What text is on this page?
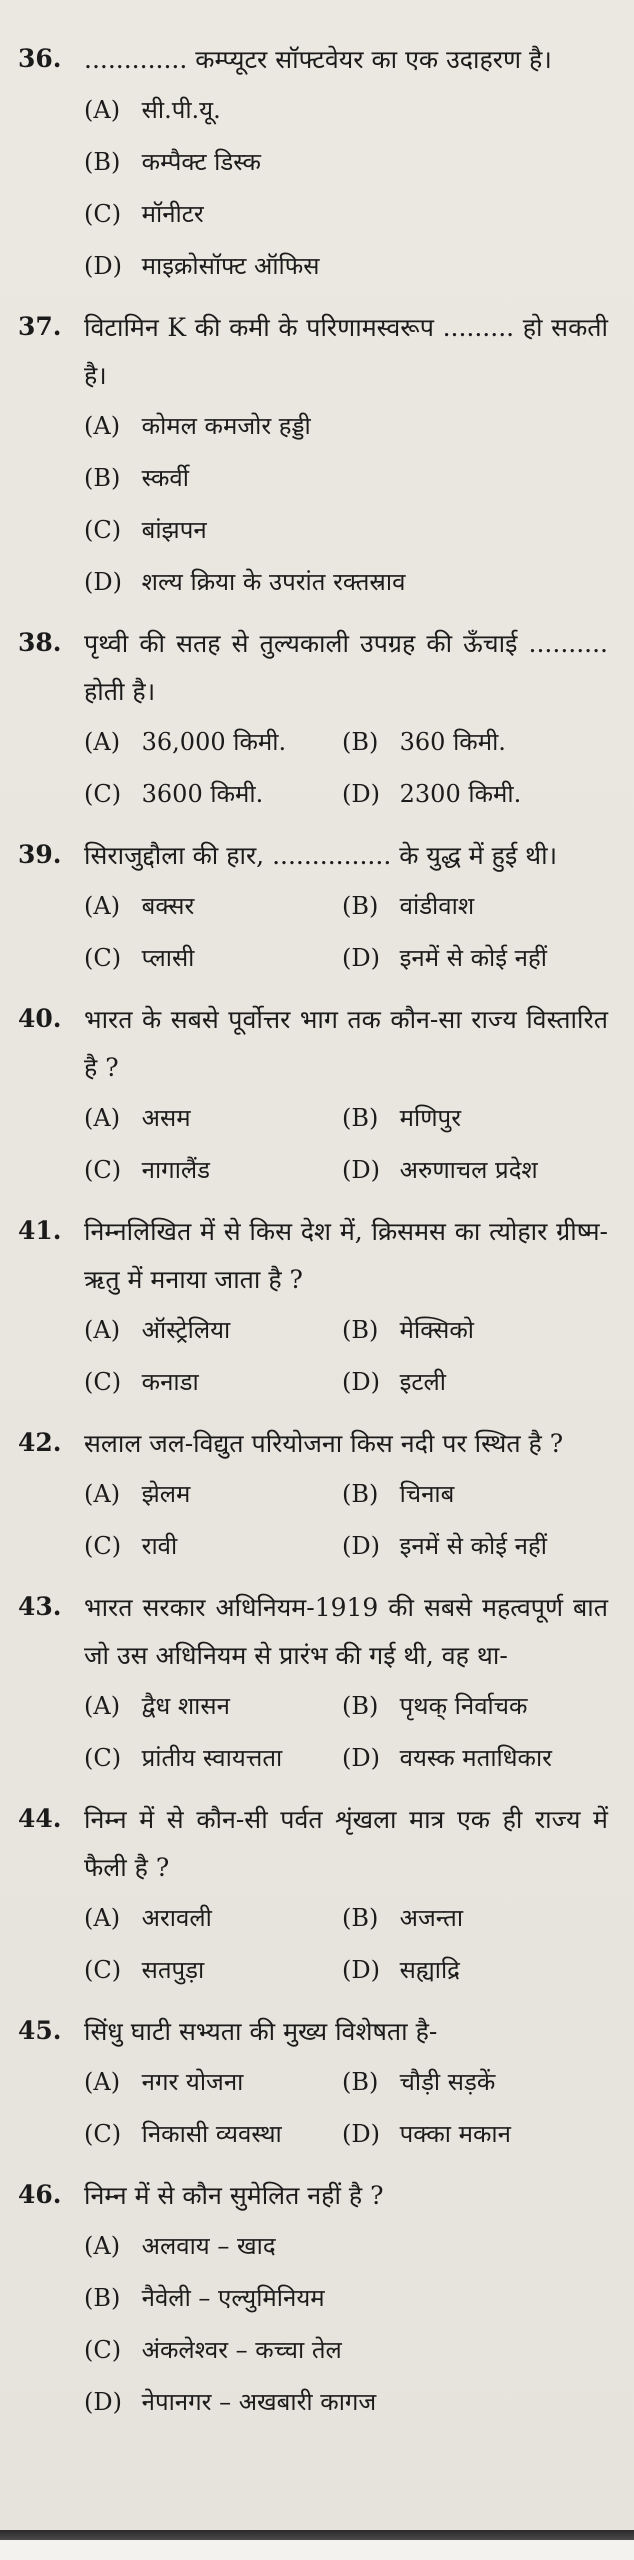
36. ............. कम्प्यूटर सॉफ्टवेयर का एक उदाहरण है।
(A) सी.पी.यू.
(B) कम्पैक्ट डिस्क
(C) मॉनीटर
(D) माइक्रोसॉफ्ट ऑफिस
37. विटामिन K की कमी के परिणामस्वरूप ......... हो सकती है।
(A) कोमल कमजोर हड्डी
(B) स्कर्वी
(C) बांझपन
(D) शल्य क्रिया के उपरांत रक्तस्राव
38. पृथ्वी की सतह से तुल्यकाली उपग्रह की ऊँचाई .......... होती है।
(A) 36,000 किमी.	(B) 360 किमी.
(C) 3600 किमी.	(D) 2300 किमी.
39. सिराजुद्दौला की हार, ............... के युद्ध में हुई थी।
(A) बक्सर	(B) वांडीवाश
(C) प्लासी	(D) इनमें से कोई नहीं
40. भारत के सबसे पूर्वोत्तर भाग तक कौन-सा राज्य विस्तारित है ?
(A) असम	(B) मणिपुर
(C) नागालैंड	(D) अरुणाचल प्रदेश
41. निम्नलिखित में से किस देश में, क्रिसमस का त्योहार ग्रीष्म-ऋतु में मनाया जाता है ?
(A) ऑस्ट्रेलिया	(B) मेक्सिको
(C) कनाडा	(D) इटली
42. सलाल जल-विद्युत परियोजना किस नदी पर स्थित है ?
(A) झेलम	(B) चिनाब
(C) रावी	(D) इनमें से कोई नहीं
43. भारत सरकार अधिनियम-1919 की सबसे महत्वपूर्ण बात जो उस अधिनियम से प्रारंभ की गई थी, वह था-
(A) द्वैध शासन	(B) पृथक् निर्वाचक
(C) प्रांतीय स्वायत्तता	(D) वयस्क मताधिकार
44. निम्न में से कौन-सी पर्वत शृंखला मात्र एक ही राज्य में फैली है ?
(A) अरावली	(B) अजन्ता
(C) सतपुड़ा	(D) सह्याद्रि
45. सिंधु घाटी सभ्यता की मुख्य विशेषता है-
(A) नगर योजना	(B) चौड़ी सड़कें
(C) निकासी व्यवस्था	(D) पक्का मकान
46. निम्न में से कौन सुमेलित नहीं है ?
(A) अलवाय – खाद
(B) नैवेली – एल्युमिनियम
(C) अंकलेश्वर – कच्चा तेल
(D) नेपानगर – अखबारी कागज
